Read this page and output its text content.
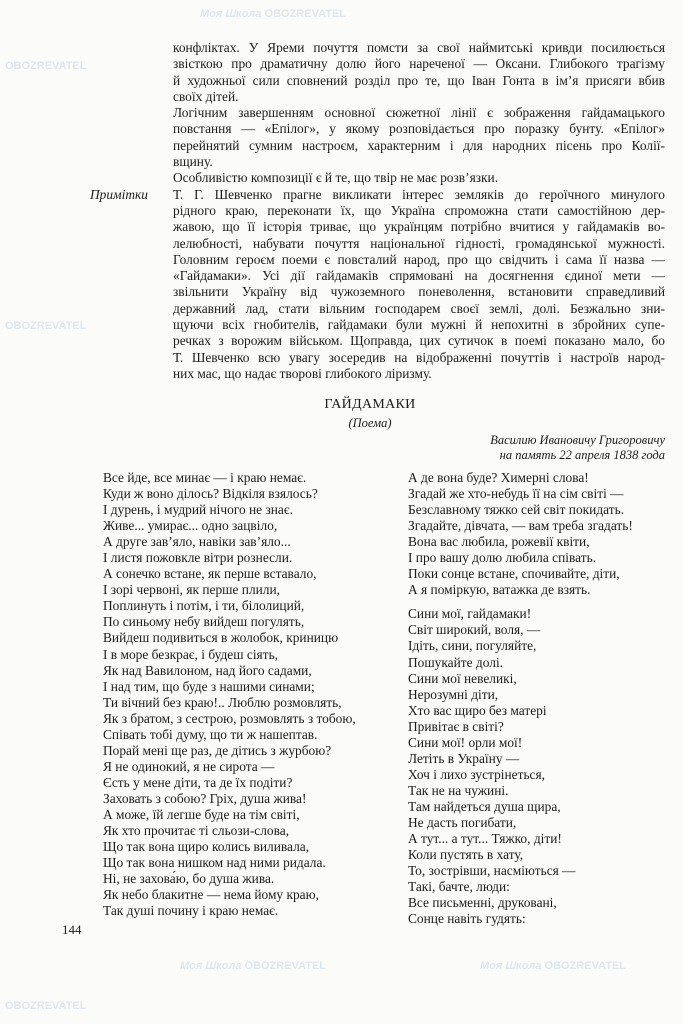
Моя Школа OBOZREVATEL
OBOZREVATEL
OBOZREVATEL
Моя Школа OBOZREVATEL	Моя Школа OBOZREVATEL
OBOZREVATEL
конфліктах. У Яреми почуття помсти за свої наймитські кривди посилюється
звісткою про драматичну долю його нареченої — Оксани. Глибокого трагізму
й художньої сили сповнений розділ про те, що Іван Гонта в ім’я присяги вбив
своїх дітей.
Логічним завершенням основної сюжетної лінії є зображення гайдамацького
повстання — «Епілог», у якому розповідається про поразку бунту. «Епілог»
перейнятий сумним настроєм, характерним і для народних пісень про Колії-
вщину.
Особливістю композиції є й те, що твір не має розв’язки.
Т. Г. Шевченко прагне викликати інтерес земляків до героїчного минулого
рідного краю, переконати їх, що Україна спроможна стати самостійною дер-
жавою, що її історія триває, що українцям потрібно вчитися у гайдамаків во-
лелюбності, набувати почуття національної гідності, громадянської мужності.
Головним героєм поеми є повсталий народ, про що свідчить і сама її назва —
«Гайдамаки». Усі дії гайдамаків спрямовані на досягнення єдиної мети —
звільнити Україну від чужоземного поневолення, встановити справедливий
державний лад, стати вільним господарем своєї землі, долі. Безжально зни-
щуючи всіх гнобителів, гайдамаки були мужні й непохитні в збройних супе-
речках з ворожим військом. Щоправда, цих сутичок в поемі показано мало, бо
Т. Шевченко всю увагу зосередив на відображенні почуттів і настроїв народ-
них мас, що надає творові глибокого ліризму.
Примітки
ГАЙДАМАКИ
(Поема)
Василию Ивановичу Григоровичу
на память 22 апреля 1838 года
Все йде, все минає — і краю немає.
Куди ж воно ділось? Відкіля взялось?
І дурень, і мудрий нічого не знає.
Живе... умирає... одно зацвіло,
А друге зав’яло, навіки зав’яло...
І листя пожовкле вітри рознесли.
А сонечко встане, як перше вставало,
І зорі червоні, як перше плили,
Поплинуть і потім, і ти, білолиций,
По синьому небу вийдеш погулять,
Вийдеш подивиться в жолобок, криницю
І в море безкрає, і будеш сіять,
Як над Вавилоном, над його садами,
І над тим, що буде з нашими синами;
Ти вічний без краю!.. Люблю розмовлять,
Як з братом, з сестрою, розмовлять з тобою,
Співать тобі думу, що ти ж нашептав.
Порай мені ще раз, де дітись з журбою?
Я не одинокий, я не сирота —
Єсть у мене діти, та де їх подіти?
Заховать з собою? Гріх, душа жива!
А може, їй легше буде на тім світі,
Як хто прочитає ті сльози-слова,
Що так вона щиро колись виливала,
Що так вона нишком над ними ридала.
Ні, не захова́ю, бо душа жива.
Як небо блакитне — нема йому краю,
Так душі почину і краю немає.
А де вона буде? Химерні слова!
Згадай же хто-небудь її на сім світі —
Безславному тяжко сей світ покидать.
Згадайте, дівчата, — вам треба згадать!
Вона вас любила, рожевії квіти,
І про вашу долю любила співать.
Поки сонце встане, спочивайте, діти,
А я поміркую, ватажка де взять.
Сини мої, гайдамаки!
Світ широкий, воля, —
Ідіть, сини, погуляйте,
Пошукайте долі.
Сини мої невеликі,
Нерозумні діти,
Хто вас щиро без матері
Привітає в світі?
Сини мої! орли мої!
Летіть в Україну —
Хоч і лихо зустрінеться,
Так не на чужині.
Там найдеться душа щира,
Не дасть погибати,
А тут... а тут... Тяжко, діти!
Коли пустять в хату,
То, зострівши, насміються —
Такі, бачте, люди:
Все письменні, друковані,
Сонце навіть гудять:
144
